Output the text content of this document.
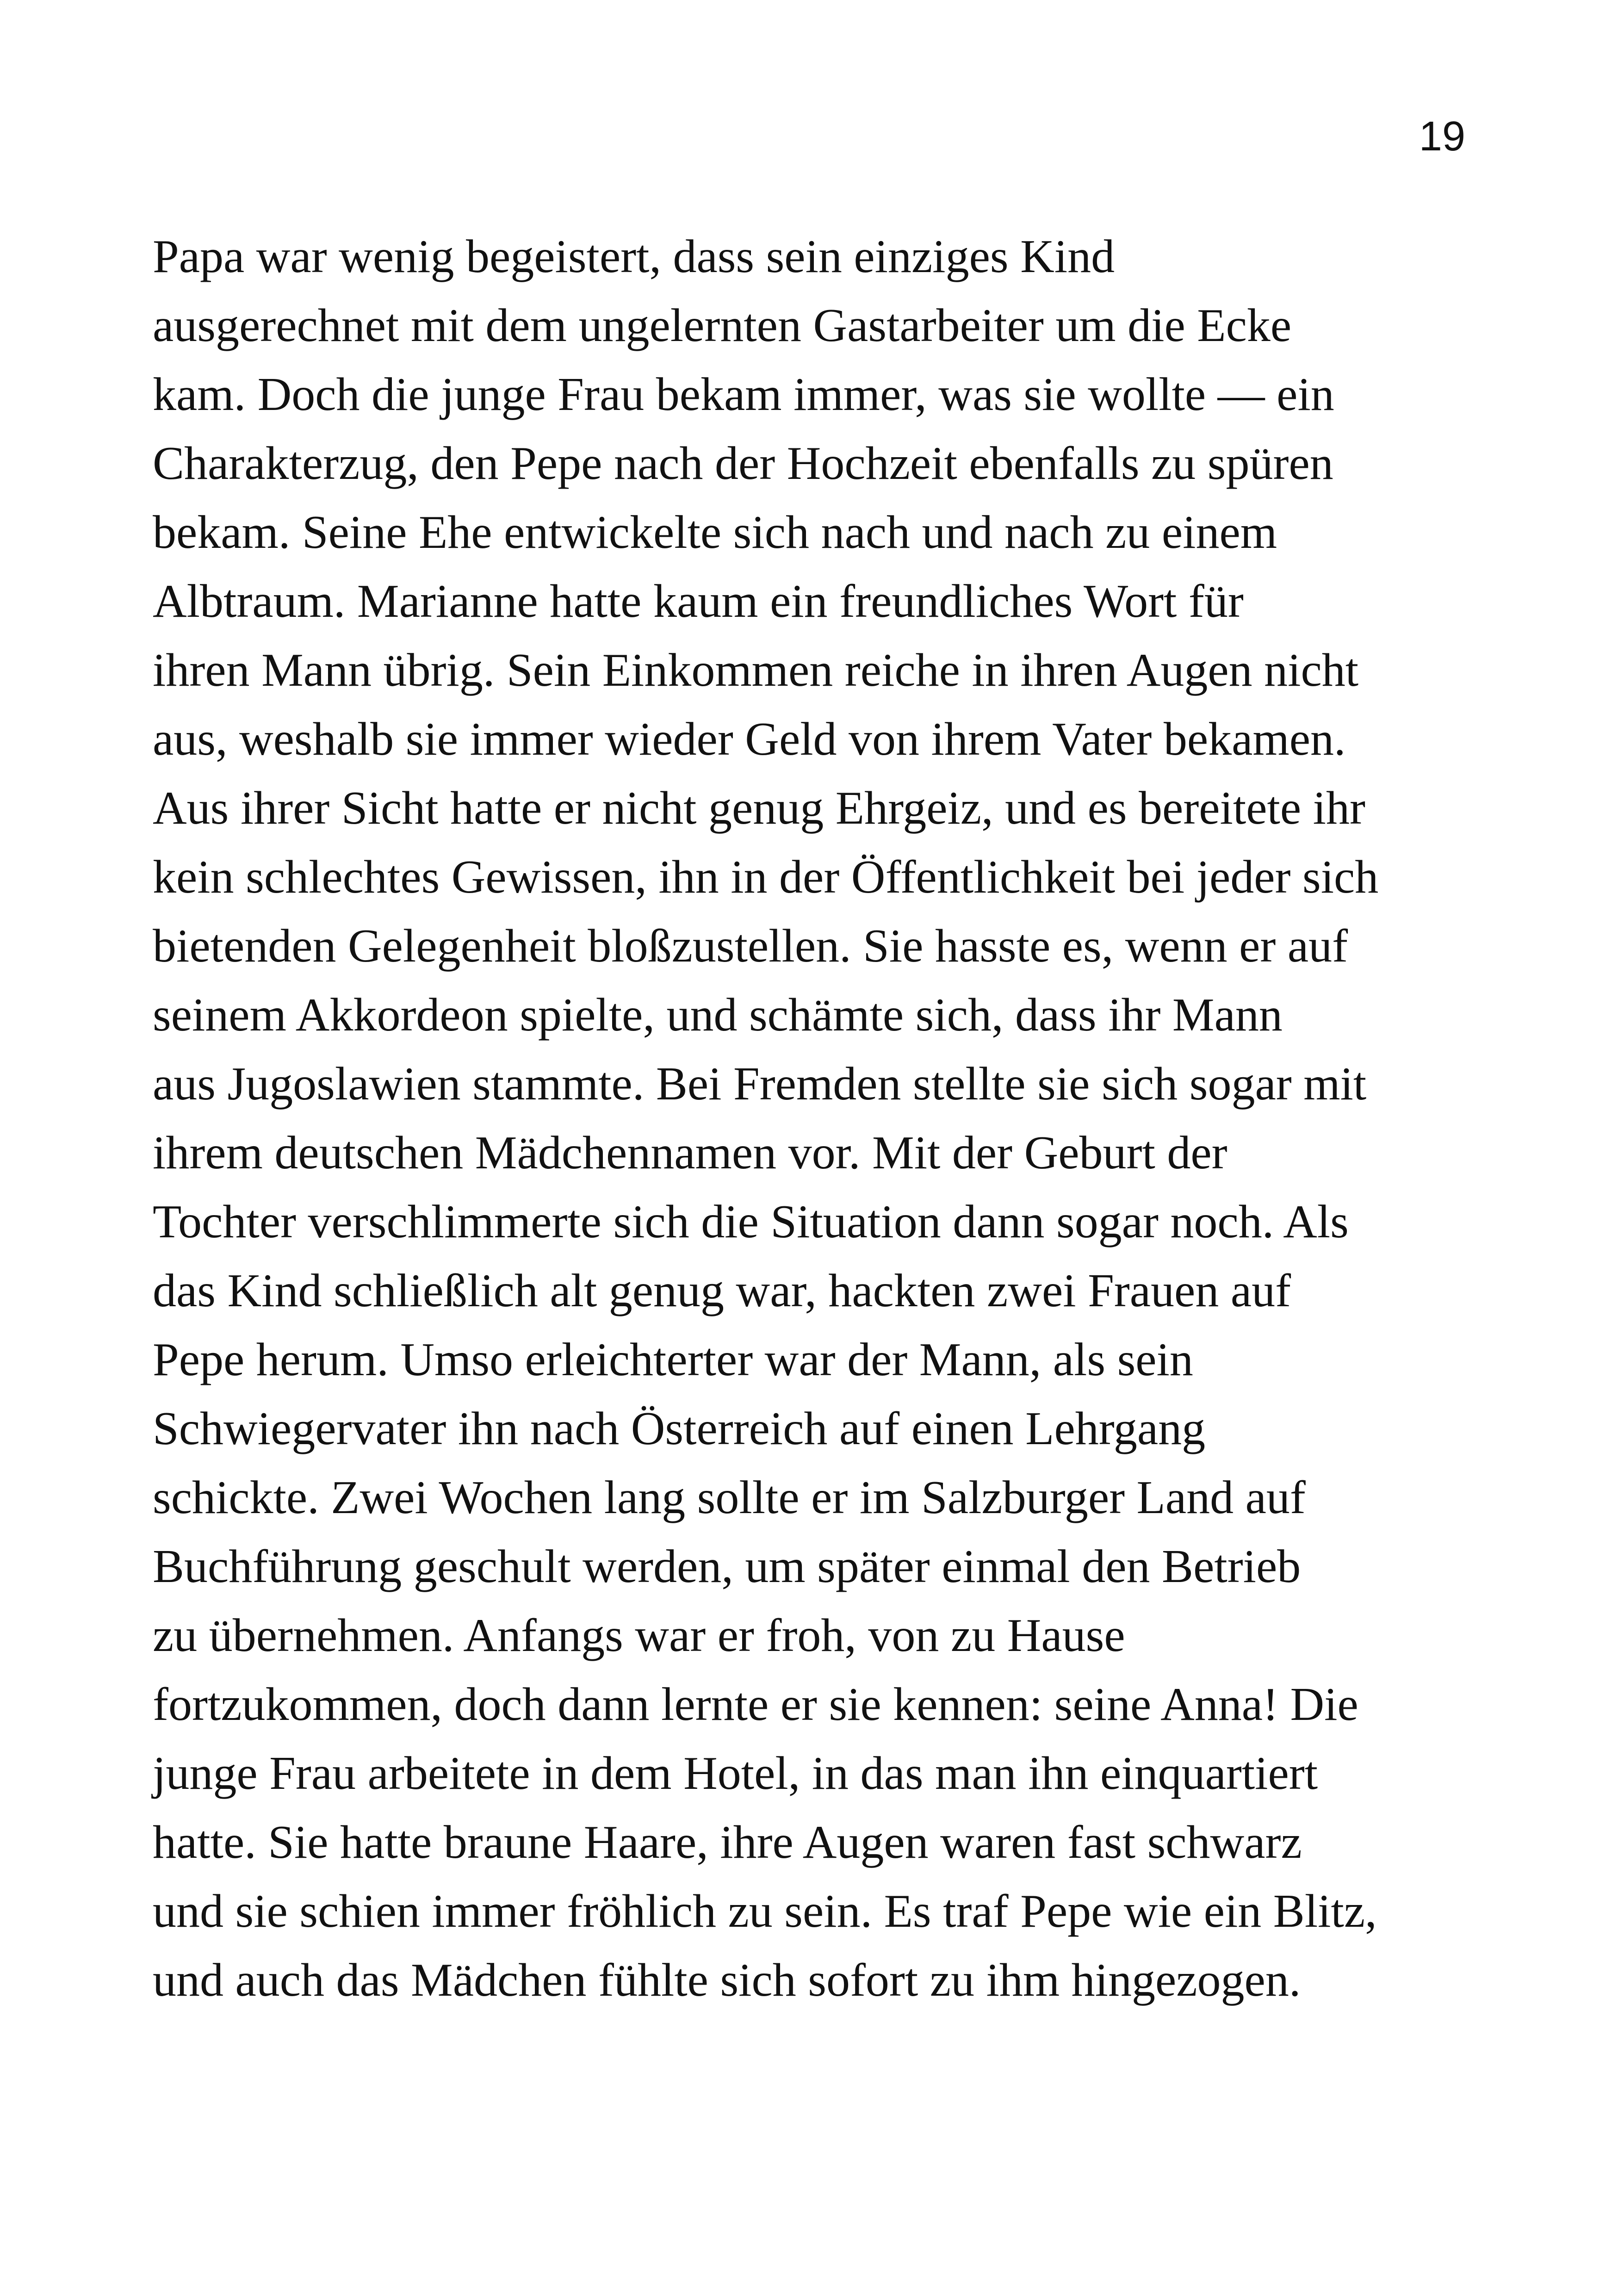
19
Papa war wenig begeistert, dass sein einziges Kind
ausgerechnet mit dem ungelernten Gastarbeiter um die Ecke
kam. Doch die junge Frau bekam immer, was sie wollte — ein
Charakterzug, den Pepe nach der Hochzeit ebenfalls zu spüren
bekam. Seine Ehe entwickelte sich nach und nach zu einem
Albtraum. Marianne hatte kaum ein freundliches Wort für
ihren Mann übrig. Sein Einkommen reiche in ihren Augen nicht
aus, weshalb sie immer wieder Geld von ihrem Vater bekamen.
Aus ihrer Sicht hatte er nicht genug Ehrgeiz, und es bereitete ihr
kein schlechtes Gewissen, ihn in der Öffentlichkeit bei jeder sich
bietenden Gelegenheit bloßzustellen. Sie hasste es, wenn er auf
seinem Akkordeon spielte, und schämte sich, dass ihr Mann
aus Jugoslawien stammte. Bei Fremden stellte sie sich sogar mit
ihrem deutschen Mädchennamen vor. Mit der Geburt der
Tochter verschlimmerte sich die Situation dann sogar noch. Als
das Kind schließlich alt genug war, hackten zwei Frauen auf
Pepe herum. Umso erleichterter war der Mann, als sein
Schwiegervater ihn nach Österreich auf einen Lehrgang
schickte. Zwei Wochen lang sollte er im Salzburger Land auf
Buchführung geschult werden, um später einmal den Betrieb
zu übernehmen. Anfangs war er froh, von zu Hause
fortzukommen, doch dann lernte er sie kennen: seine Anna! Die
junge Frau arbeitete in dem Hotel, in das man ihn einquartiert
hatte. Sie hatte braune Haare, ihre Augen waren fast schwarz
und sie schien immer fröhlich zu sein. Es traf Pepe wie ein Blitz,
und auch das Mädchen fühlte sich sofort zu ihm hingezogen.
